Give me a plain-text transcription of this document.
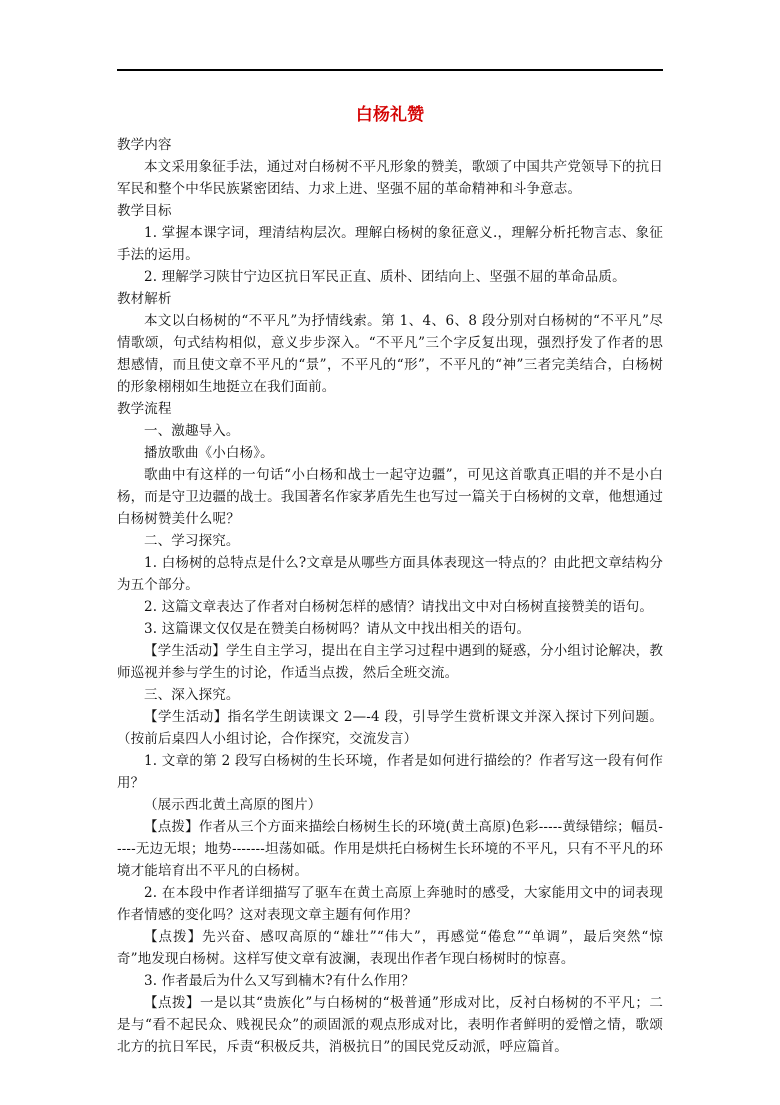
白杨礼赞

教学内容

本文采用象征手法，通过对白杨树不平凡形象的赞美，歌颂了中国共产党领导下的抗日军民和整个中华民族紧密团结、力求上进、坚强不屈的革命精神和斗争意志。

教学目标

1. 掌握本课字词，理清结构层次。理解白杨树的象征意义.，理解分析托物言志、象征手法的运用。

2. 理解学习陕甘宁边区抗日军民正直、质朴、团结向上、坚强不屈的革命品质。

教材解析

本文以白杨树的“不平凡”为抒情线索。第 1、4、6、8 段分别对白杨树的“不平凡”尽情歌颂，句式结构相似，意义步步深入。“不平凡”三个字反复出现，强烈抒发了作者的思想感情，而且使文章不平凡的“景”，不平凡的“形”，不平凡的“神”三者完美结合，白杨树的形象栩栩如生地挺立在我们面前。

教学流程

一、激趣导入。

播放歌曲《小白杨》。

歌曲中有这样的一句话“小白杨和战士一起守边疆”，可见这首歌真正唱的并不是小白杨，而是守卫边疆的战士。我国著名作家茅盾先生也写过一篇关于白杨树的文章，他想通过白杨树赞美什么呢？

二、学习探究。

1. 白杨树的总特点是什么?文章是从哪些方面具体表现这一特点的？由此把文章结构分为五个部分。

2. 这篇文章表达了作者对白杨树怎样的感情？请找出文中对白杨树直接赞美的语句。

3. 这篇课文仅仅是在赞美白杨树吗？请从文中找出相关的语句。

【学生活动】学生自主学习，提出在自主学习过程中遇到的疑惑，分小组讨论解决，教师巡视并参与学生的讨论，作适当点拨，然后全班交流。

三、深入探究。

【学生活动】指名学生朗读课文 2—-4 段，引导学生赏析课文并深入探讨下列问题。（按前后桌四人小组讨论，合作探究，交流发言）

1. 文章的第 2 段写白杨树的生长环境，作者是如何进行描绘的？作者写这一段有何作用？

（展示西北黄土高原的图片）

【点拨】作者从三个方面来描绘白杨树生长的环境(黄土高原)色彩-----黄绿错综；幅员-----无边无垠；地势-------坦荡如砥。作用是烘托白杨树生长环境的不平凡，只有不平凡的环境才能培育出不平凡的白杨树。

2. 在本段中作者详细描写了驱车在黄土高原上奔驰时的感受，大家能用文中的词表现作者情感的变化吗？这对表现文章主题有何作用？

【点拨】先兴奋、感叹高原的“雄壮”“伟大”，再感觉“倦怠”“单调”，最后突然“惊奇”地发现白杨树。这样写使文章有波澜，表现出作者乍现白杨树时的惊喜。

3. 作者最后为什么又写到楠木?有什么作用？

【点拨】一是以其“贵族化”与白杨树的“极普通”形成对比，反衬白杨树的不平凡；二是与“看不起民众、贱视民众”的顽固派的观点形成对比，表明作者鲜明的爱憎之情，歌颂北方的抗日军民，斥责“积极反共，消极抗日”的国民党反动派，呼应篇首。
